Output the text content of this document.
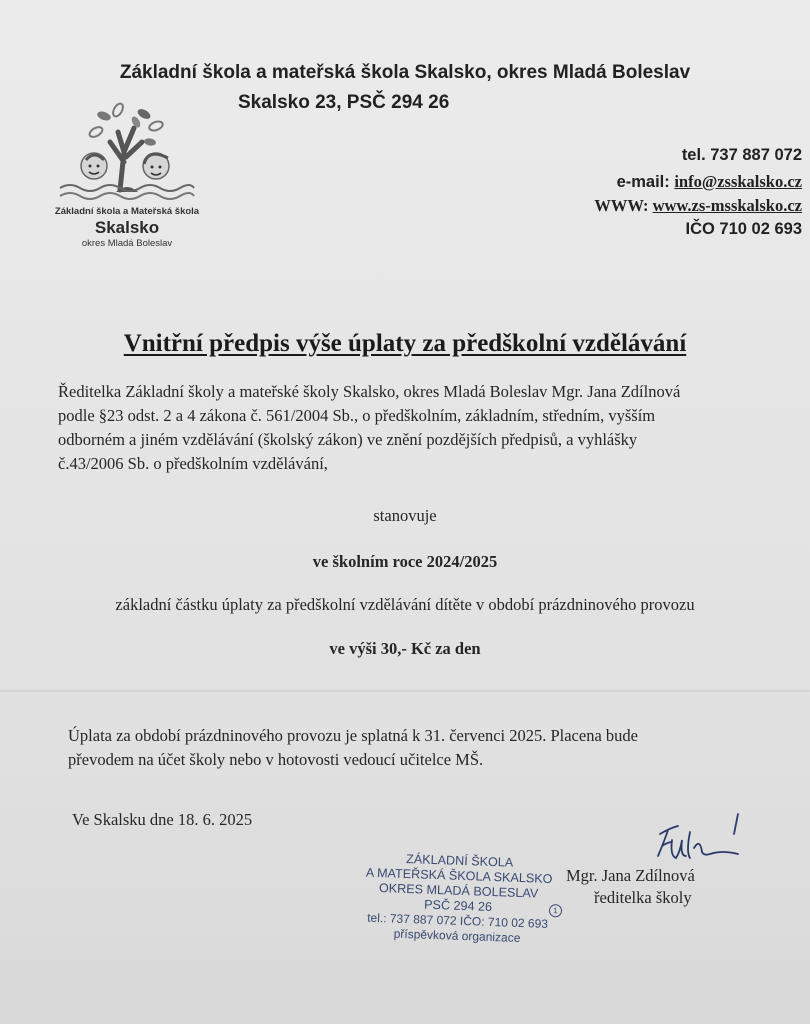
Základní škola a mateřská škola Skalsko, okres Mladá Boleslav
Skalsko 23, PSČ 294 26
Základní škola a Mateřská škola
Skalsko
okres Mladá Boleslav
tel. 737 887 072
e-mail: info@zsskalsko.cz
WWW: www.zs-msskalsko.cz
IČO 710 02 693
Vnitřní předpis výše úplaty za předškolní vzdělávání
Ředitelka Základní školy a mateřské školy Skalsko, okres Mladá Boleslav Mgr. Jana Zdílnová
podle §23 odst. 2 a 4 zákona č. 561/2004 Sb., o předškolním, základním, středním, vyšším
odborném a jiném vzdělávání (školský zákon) ve znění pozdějších předpisů, a vyhlášky
č.43/2006 Sb. o předškolním vzdělávání,
stanovuje
ve školním roce 2024/2025
základní částku úplaty za předškolní vzdělávání dítěte v období prázdninového provozu
ve výši 30,- Kč za den
Úplata za období prázdninového provozu je splatná k 31. červenci 2025. Placena bude
převodem na účet školy nebo v hotovosti vedoucí učitelce MŠ.
Ve Skalsku dne 18. 6. 2025
ZÁKLADNÍ ŠKOLA
A MATEŘSKÁ ŠKOLA SKALSKO
OKRES MLADÁ BOLESLAV
PSČ 294 26	1
tel.: 737 887 072 IČO: 710 02 693
příspěvková organizace
Mgr. Jana Zdílnová
ředitelka školy
